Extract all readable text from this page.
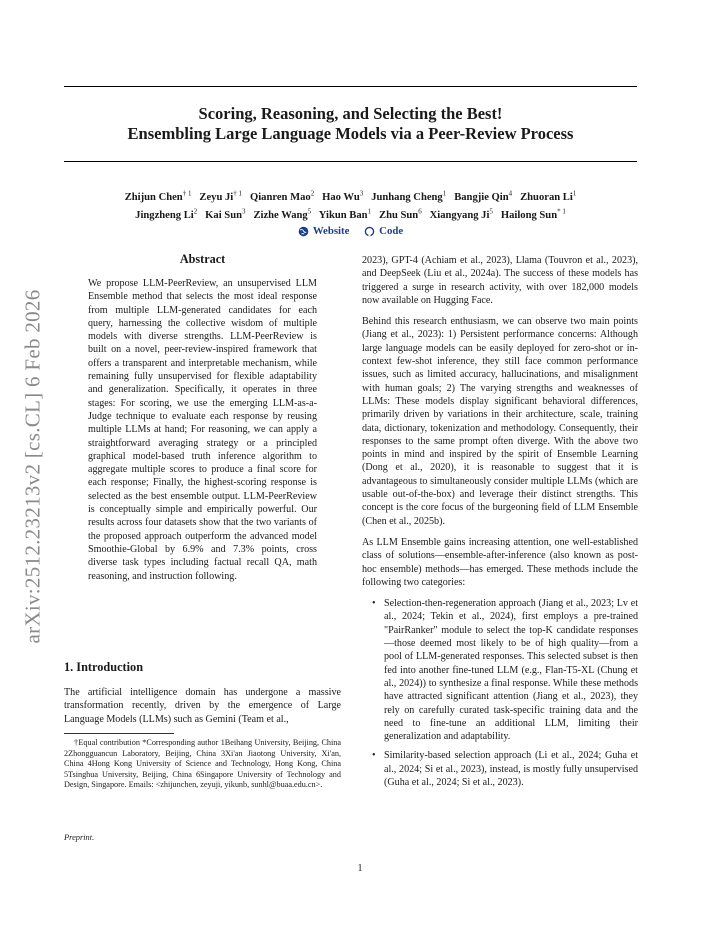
arXiv:2512.23213v2 [cs.CL] 6 Feb 2026
Scoring, Reasoning, and Selecting the Best!
Ensembling Large Language Models via a Peer-Review Process
Zhijun Chen$^{\dagger 1}$ Zeyu Ji$^{\dagger 1}$ Qianren Mao$^2$ Hao Wu$^3$ Junhang Cheng$^1$ Bangjie Qin$^4$ Zhuoran Li$^1$
Jingzheng Li$^2$ Kai Sun$^3$ Zizhe Wang$^5$ Yikun Ban$^1$ Zhu Sun$^6$ Xiangyang Ji$^5$ Hailong Sun$^{* 1}$
Website
	Code
Abstract
We propose LLM-PeerReview, an unsupervised LLM Ensemble method that selects the most ideal response from multiple LLM-generated candidates for each query, harnessing the collective wisdom of multiple models with diverse strengths. LLM-PeerReview is built on a novel, peer-review-inspired framework that offers a transparent and interpretable mechanism, while remaining fully unsupervised for flexible adaptability and generalization. Specifically, it operates in three stages: For scoring, we use the emerging LLM-as-a-Judge technique to evaluate each response by reusing multiple LLMs at hand; For reasoning, we can apply a straightforward averaging strategy or a principled graphical model-based truth inference algorithm to aggregate multiple scores to produce a final score for each response; Finally, the highest-scoring response is selected as the best ensemble output. LLM-PeerReview is conceptually simple and empirically powerful. Our results across four datasets show that the two variants of the proposed approach outperform the advanced model Smoothie-Global by 6.9% and 7.3% points, cross diverse task types including factual recall QA, math reasoning, and instruction following.
1. Introduction
The artificial intelligence domain has undergone a massive transformation recently, driven by the emergence of Large Language Models (LLMs) such as Gemini (Team et al.,
†Equal contribution *Corresponding author 1Beihang University, Beijing, China 2Zhongguancun Laboratory, Beijing, China 3Xi'an Jiaotong University, Xi'an, China 4Hong Kong University of Science and Technology, Hong Kong, China 5Tsinghua University, Beijing, China 6Singapore University of Technology and Design, Singapore. Emails: <zhijunchen, zeyuji, yikunb, sunhl@buaa.edu.cn>.
Preprint.

2023), GPT-4 (Achiam et al., 2023), Llama (Touvron et al., 2023), and DeepSeek (Liu et al., 2024a). The success of these models has triggered a surge in research activity, with over 182,000 models now available on Hugging Face.

Behind this research enthusiasm, we can observe two main points (Jiang et al., 2023): 1) Persistent performance concerns: Although large language models can be easily deployed for zero-shot or in-context few-shot inference, they still face common performance issues, such as limited accuracy, hallucinations, and misalignment with human goals; 2) The varying strengths and weaknesses of LLMs: These models display significant behavioral differences, primarily driven by variations in their architecture, scale, training data, dictionary, tokenization and methodology. Consequently, their responses to the same prompt often diverge. With the above two points in mind and inspired by the spirit of Ensemble Learning (Dong et al., 2020), it is reasonable to suggest that it is advantageous to simultaneously consider multiple LLMs (which are usable out-of-the-box) and leverage their distinct strengths. This concept is the core focus of the burgeoning field of LLM Ensemble (Chen et al., 2025b).

As LLM Ensemble gains increasing attention, one well-established class of solutions—ensemble-after-inference (also known as post-hoc ensemble) methods—has emerged. These methods include the following two categories:

• Selection-then-regeneration approach (Jiang et al., 2023; Lv et al., 2024; Tekin et al., 2024), first employs a pre-trained "PairRanker" module to select the top-K candidate responses—those deemed most likely to be of high quality—from a pool of LLM-generated responses. This selected subset is then fed into another fine-tuned LLM (e.g., Flan-T5-XL (Chung et al., 2024)) to synthesize a final response. While these methods have attracted significant attention (Jiang et al., 2023), they rely on carefully curated task-specific training data and the need to fine-tune an additional LLM, limiting their generalization and adaptability.
• Similarity-based selection approach (Li et al., 2024; Guha et al., 2024; Si et al., 2023), instead, is mostly fully unsupervised (Guha et al., 2024; Si et al., 2023).
1
